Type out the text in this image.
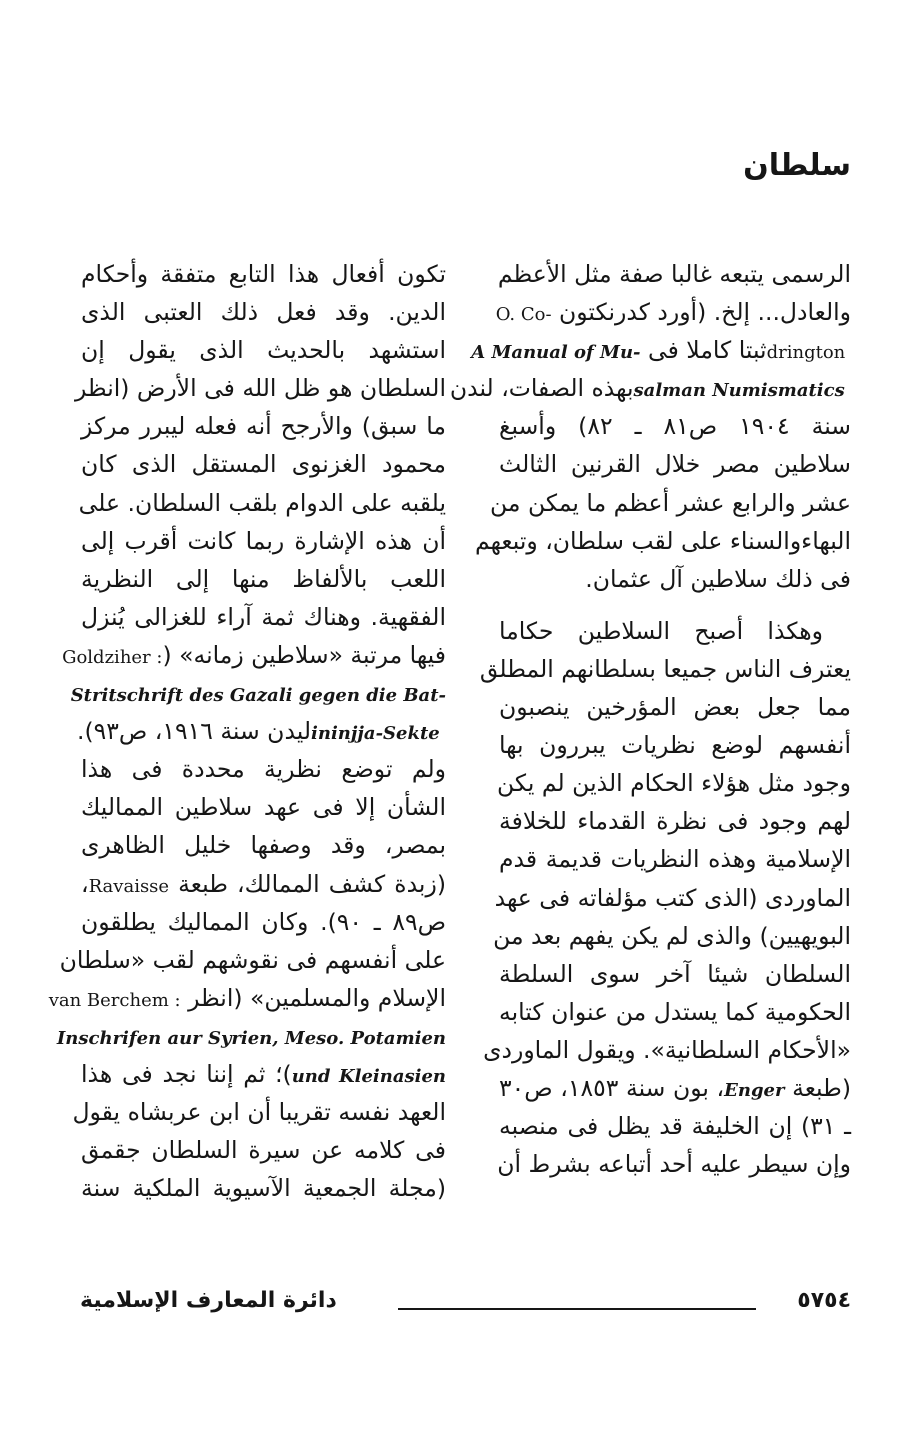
سلطان
الرسمى يتبعه غالبا صفة مثل الأعظم
والعادل... إلخ. (أورد كدرنكتون O. Co-
drington ثبتا كاملا فى A Manual of Mu-
salman Numismatics بهذه الصفات، لندن
سنة ١٩٠٤ ص٨١ ـ ٨٢) وأسبغ
سلاطين مصر خلال القرنين الثالث
عشر والرابع عشر أعظم ما يمكن من
البهاءوالسناء على لقب سلطان، وتبعهم
فى ذلك سلاطين آل عثمان.
وهكذا أصبح السلاطين حكاما
يعترف الناس جميعا بسلطانهم المطلق
مما جعل بعض المؤرخين ينصبون
أنفسهم لوضع نظريات يبررون بها
وجود مثل هؤلاء الحكام الذين لم يكن
لهم وجود فى نظرة القدماء للخلافة
الإسلامية وهذه النظريات قديمة قدم
الماوردى (الذى كتب مؤلفاته فى عهد
البويهيين) والذى لم يكن يفهم بعد من
السلطان شيئا آخر سوى السلطة
الحكومية كما يستدل من عنوان كتابه
«الأحكام السلطانية». ويقول الماوردى
(طبعة Enger، بون سنة ١٨٥٣، ص٣٠
ـ ٣١) إن الخليفة قد يظل فى منصبه
وإن سيطر عليه أحد أتباعه بشرط أن
تكون أفعال هذا التابع متفقة وأحكام
الدين. وقد فعل ذلك العتبى الذى
استشهد بالحديث الذى يقول إن
السلطان هو ظل الله فى الأرض (انظر
ما سبق) والأرجح أنه فعله ليبرر مركز
محمود الغزنوى المستقل الذى كان
يلقبه على الدوام بلقب السلطان. على
أن هذه الإشارة ربما كانت أقرب إلى
اللعب بالألفاظ منها إلى النظرية
الفقهية. وهناك ثمة آراء للغزالى يُنزل
فيها مرتبة «سلاطين زمانه» (Goldziher :
Stritschrift des Gazali gegen die Bat-
ininjja-Sekte ليدن سنة ١٩١٦، ص٩٣).
ولم توضع نظرية محددة فى هذا
الشأن إلا فى عهد سلاطين المماليك
بمصر، وقد وصفها خليل الظاهرى
(زبدة كشف الممالك، طبعة Ravaisse،
ص٨٩ ـ ٩٠). وكان المماليك يطلقون
على أنفسهم فى نقوشهم لقب «سلطان
الإسلام والمسلمين» (انظر van Berchem :
Inschrifen aur Syrien, Meso. Potamien
und Kleinasien)؛ ثم إننا نجد فى هذا
العهد نفسه تقريبا أن ابن عربشاه يقول
فى كلامه عن سيرة السلطان جقمق
(مجلة الجمعية الآسيوية الملكية سنة
٥٧٥٤
دائرة المعارف الإسلامية
